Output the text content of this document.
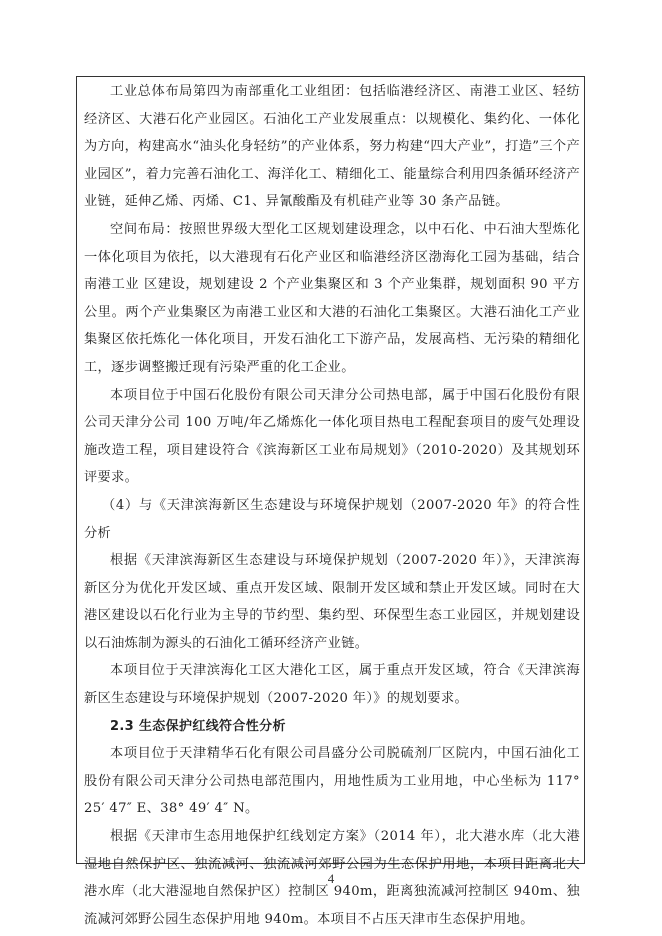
工业总体布局第四为南部重化工业组团：包括临港经济区、南港工业区、轻纺经济区、大港石化产业园区。石油化工产业发展重点：以规模化、集约化、一体化为方向，构建高水“油头化身轻纺”的产业体系，努力构建“四大产业”，打造”三个产业园区”，着力完善石油化工、海洋化工、精细化工、能量综合利用四条循环经济产业链，延伸乙烯、丙烯、C1、异氰酸酯及有机硅产业等 30 条产品链。

空间布局：按照世界级大型化工区规划建设理念，以中石化、中石油大型炼化一体化项目为依托，以大港现有石化产业区和临港经济区渤海化工园为基础，结合南港工业 区建设，规划建设 2 个产业集聚区和 3 个产业集群，规划面积 90 平方公里。两个产业集聚区为南港工业区和大港的石油化工集聚区。大港石油化工产业集聚区依托炼化一体化项目，开发石油化工下游产品，发展高档、无污染的精细化工，逐步调整搬迁现有污染严重的化工企业。

本项目位于中国石化股份有限公司天津分公司热电部，属于中国石化股份有限公司天津分公司 100 万吨/年乙烯炼化一体化项目热电工程配套项目的废气处理设施改造工程，项目建设符合《滨海新区工业布局规划》（2010-2020）及其规划环评要求。

（4）与《天津滨海新区生态建设与环境保护规划（2007-2020 年》的符合性分析

根据《天津滨海新区生态建设与环境保护规划（2007-2020 年）》，天津滨海新区分为优化开发区域、重点开发区域、限制开发区域和禁止开发区域。同时在大港区建设以石化行业为主导的节约型、集约型、环保型生态工业园区，并规划建设以石油炼制为源头的石油化工循环经济产业链。

本项目位于天津滨海化工区大港化工区，属于重点开发区域，符合《天津滨海新区生态建设与环境保护规划（2007-2020 年）》的规划要求。

2.3 生态保护红线符合性分析

本项目位于天津精华石化有限公司昌盛分公司脱硫剂厂区院内，中国石油化工股份有限公司天津分公司热电部范围内，用地性质为工业用地，中心坐标为 117° 25′ 47″ E、38° 49′ 4″ N。

根据《天津市生态用地保护红线划定方案》（2014 年），北大港水库（北大港湿地自然保护区、独流减河、独流减河郊野公园为生态保护用地，本项目距离北大港水库（北大港湿地自然保护区）控制区 940m，距离独流减河控制区 940m、独流减河郊野公园生态保护用地 940m。本项目不占压天津市生态保护用地。

4
